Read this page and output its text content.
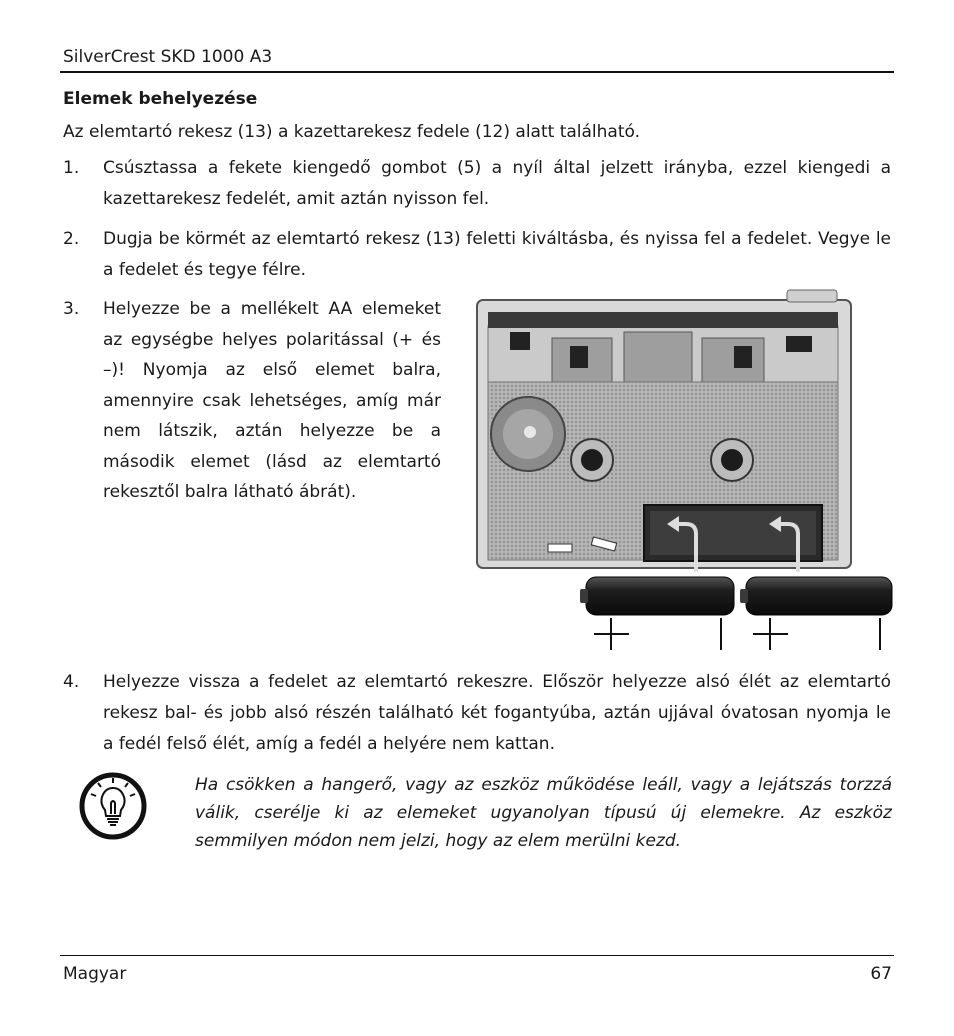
SilverCrest SKD 1000 A3
Elemek behelyezése
Az elemtartó rekesz (13) a kazettarekesz fedele (12) alatt található.
1.	Csúsztassa a fekete kiengedő gombot (5) a nyíl által jelzett irányba, ezzel kiengedi a
kazettarekesz fedelét, amit aztán nyisson fel.
2.	Dugja be körmét az elemtartó rekesz (13) feletti kiváltásba, és nyissa fel a fedelet. Vegye le
a fedelet és tegye félre.
3.	Helyezze be a mellékelt AA elemeket
az egységbe helyes polaritással (+ és
–)! Nyomja az első elemet balra,
amennyire csak lehetséges, amíg már
nem látszik, aztán helyezze be a
második elemet (lásd az elemtartó
rekesztől balra látható ábrát).
4.	Helyezze vissza a fedelet az elemtartó rekeszre. Először helyezze alsó élét az elemtartó
rekesz bal- és jobb alsó részén található két fogantyúba, aztán ujjával óvatosan nyomja le
a fedél felső élét, amíg a fedél a helyére nem kattan.
Ha csökken a hangerő, vagy az eszköz működése leáll, vagy a lejátszás torzzá válik, cserélje ki az elemeket ugyanolyan típusú új elemekre. Az eszköz semmilyen módon nem jelzi, hogy az elem merülni kezd.
Magyar	67
